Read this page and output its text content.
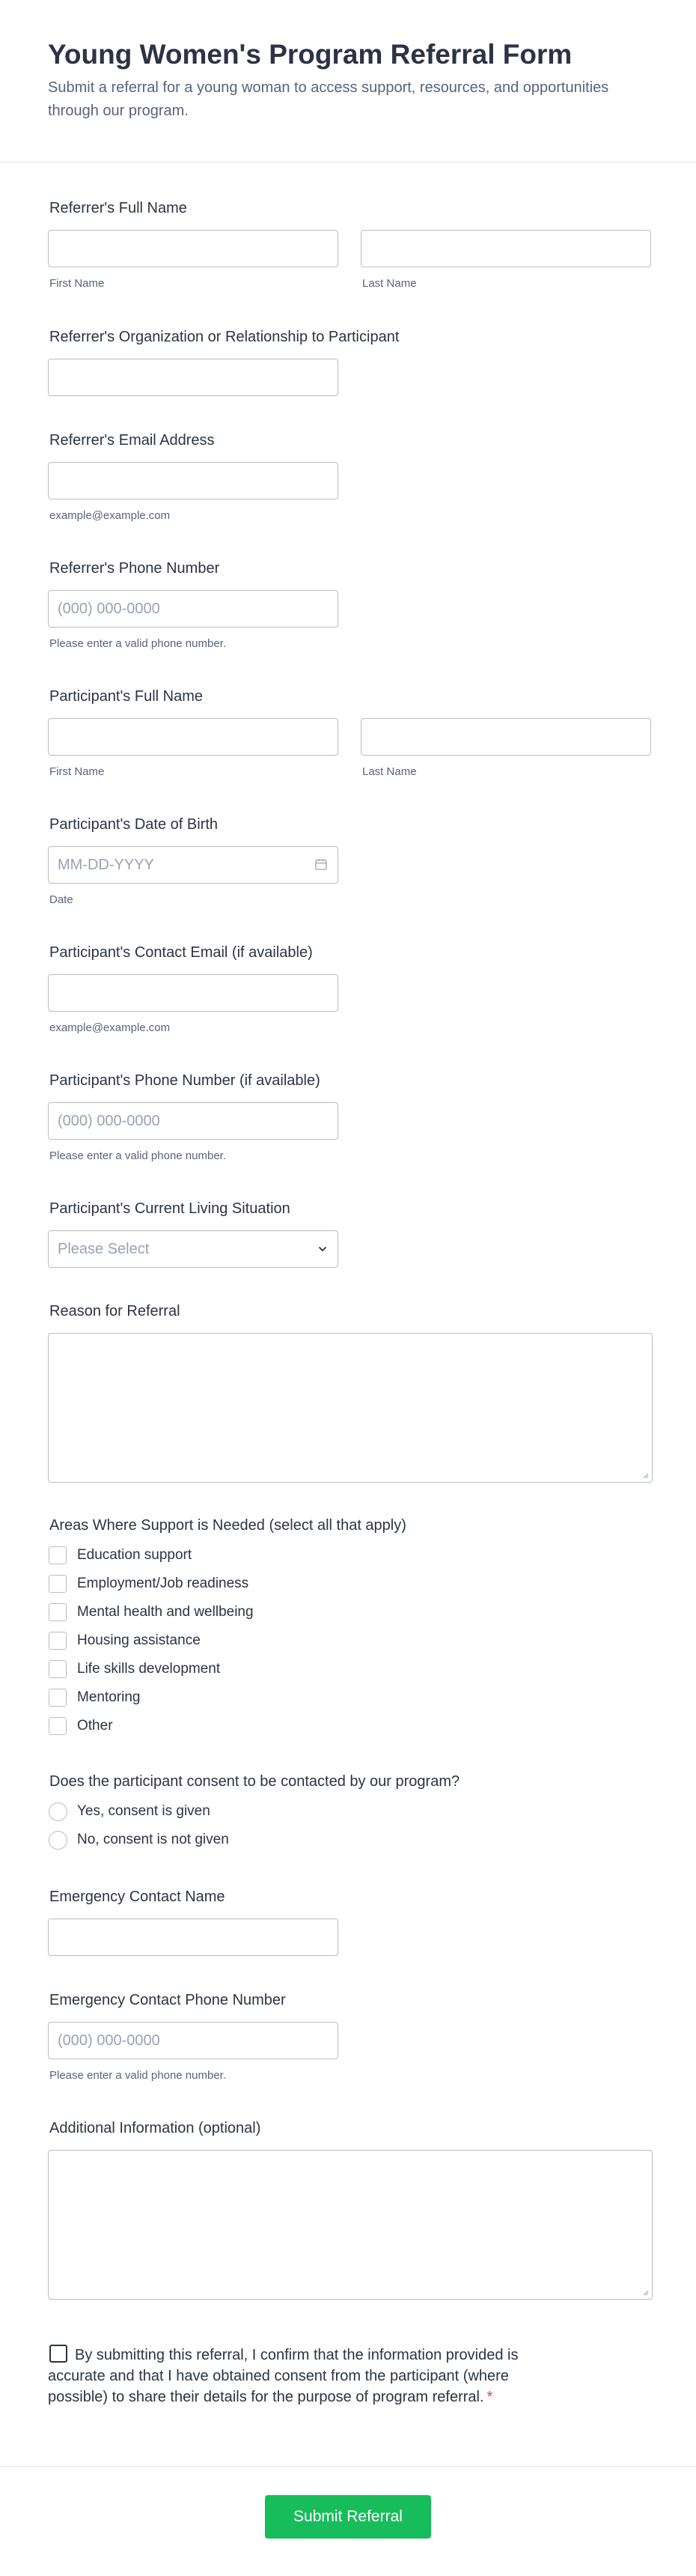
Young Women's Program Referral Form

Submit a referral for a young woman to access support, resources, and opportunities through our program.

Referrer's Full Name
First Name	Last Name
Referrer's Organization or Relationship to Participant
Referrer's Email Address
example@example.com
Referrer's Phone Number
(000) 000-0000
Please enter a valid phone number.
Participant's Full Name
First Name	Last Name
Participant's Date of Birth
MM-DD-YYYY
Date
Participant's Contact Email (if available)
example@example.com
Participant's Phone Number (if available)
(000) 000-0000
Please enter a valid phone number.
Participant's Current Living Situation
Please Select
Reason for Referral
Areas Where Support is Needed (select all that apply)
Education support
Employment/Job readiness
Mental health and wellbeing
Housing assistance
Life skills development
Mentoring
Other
Does the participant consent to be contacted by our program?
Yes, consent is given
No, consent is not given
Emergency Contact Name
Emergency Contact Phone Number
(000) 000-0000
Please enter a valid phone number.
Additional Information (optional)
By submitting this referral, I confirm that the information provided is accurate and that I have obtained consent from the participant (where possible) to share their details for the purpose of program referral. *
Submit Referral
